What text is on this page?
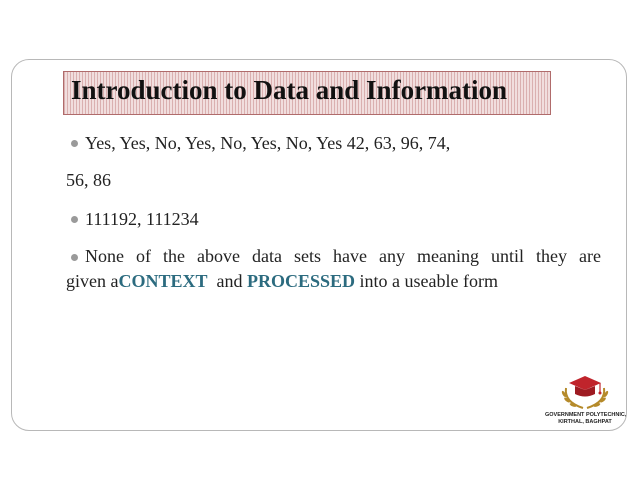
Introduction to Data and Information
Yes, Yes, No, Yes, No, Yes, No, Yes 42, 63, 96, 74,
56, 86
111192, 111234
None of the above data sets have any meaning until they are
given aCONTEXT  and PROCESSED into a useable form
GOVERNMENT POLYTECHNIC,
KIRTHAL, BAGHPAT
